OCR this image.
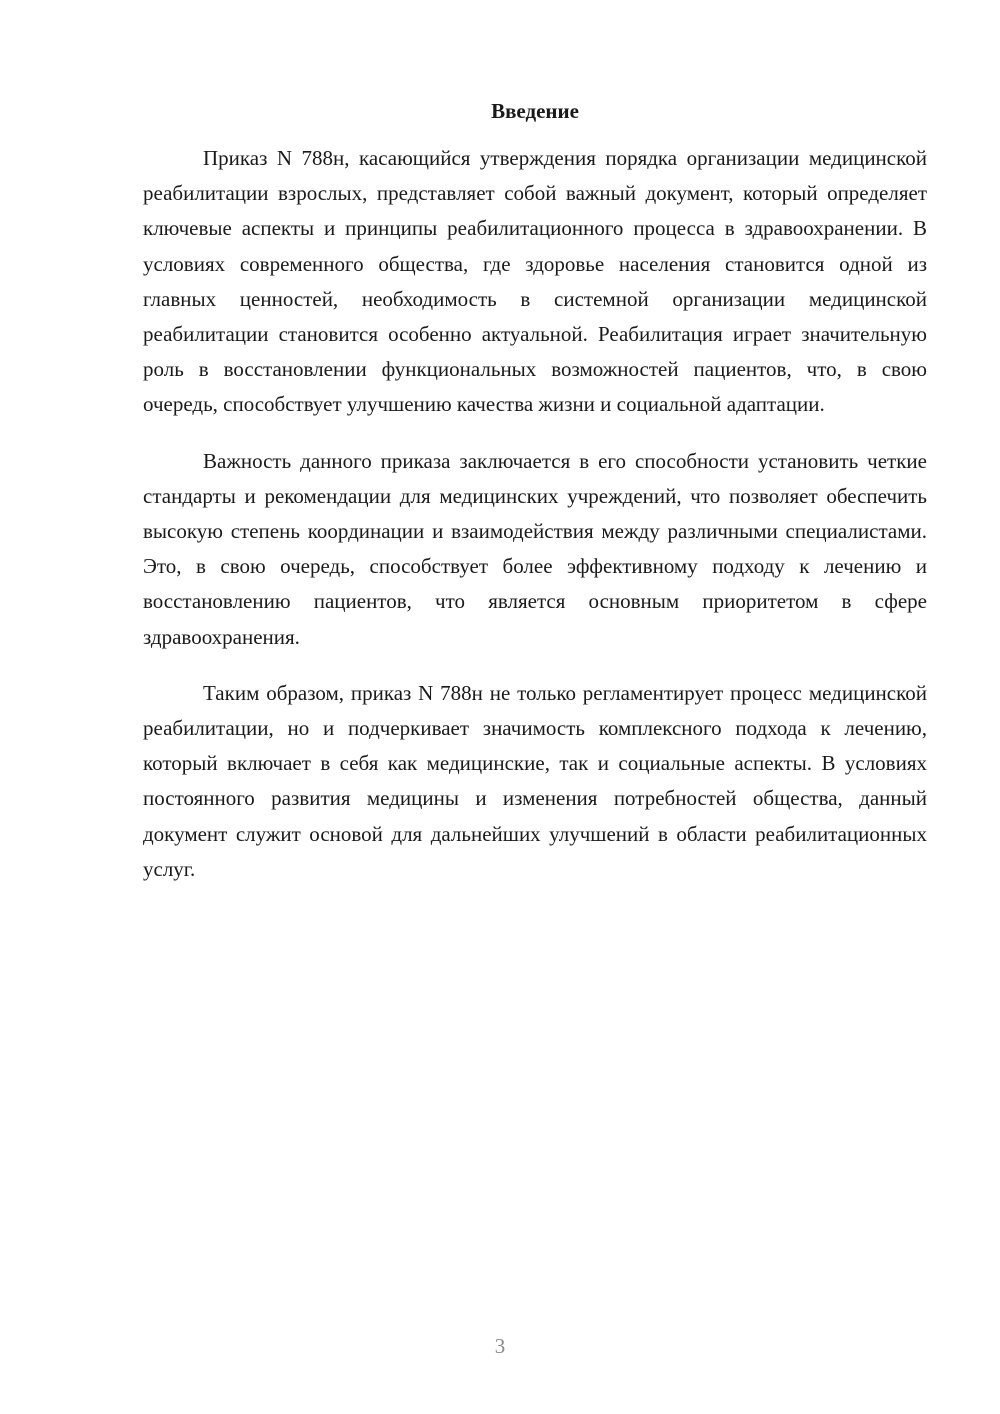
Введение

Приказ N 788н, касающийся утверждения порядка организации медицинской реабилитации взрослых, представляет собой важный документ, который определяет ключевые аспекты и принципы реабилитационного процесса в здравоохранении. В условиях современного общества, где здоровье населения становится одной из главных ценностей, необходимость в системной организации медицинской реабилитации становится особенно актуальной. Реабилитация играет значительную роль в восстановлении функциональных возможностей пациентов, что, в свою очередь, способствует улучшению качества жизни и социальной адаптации.

Важность данного приказа заключается в его способности установить четкие стандарты и рекомендации для медицинских учреждений, что позволяет обеспечить высокую степень координации и взаимодействия между различными специалистами. Это, в свою очередь, способствует более эффективному подходу к лечению и восстановлению пациентов, что является основным приоритетом в сфере здравоохранения.

Таким образом, приказ N 788н не только регламентирует процесс медицинской реабилитации, но и подчеркивает значимость комплексного подхода к лечению, который включает в себя как медицинские, так и социальные аспекты. В условиях постоянного развития медицины и изменения потребностей общества, данный документ служит основой для дальнейших улучшений в области реабилитационных услуг.

3
